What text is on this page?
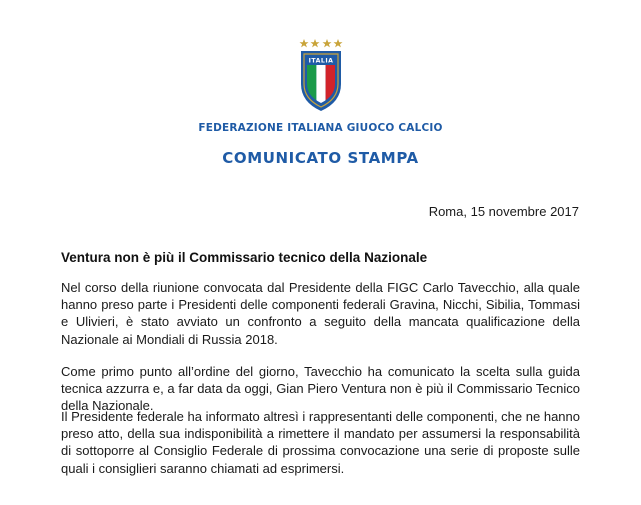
ITALIA
FEDERAZIONE ITALIANA GIUOCO CALCIO
COMUNICATO STAMPA
Roma, 15 novembre 2017
Ventura non è più il Commissario tecnico della Nazionale

Nel corso della riunione convocata dal Presidente della FIGC Carlo Tavecchio, alla quale hanno preso parte i Presidenti delle componenti federali Gravina, Nicchi, Sibilia, Tommasi e Ulivieri, è stato avviato un confronto a seguito della mancata qualificazione della Nazionale ai Mondiali di Russia 2018.

Come primo punto all’ordine del giorno, Tavecchio ha comunicato la scelta sulla guida tecnica azzurra e, a far data da oggi, Gian Piero Ventura non è più il Commissario Tecnico della Nazionale.

Il Presidente federale ha informato altresì i rappresentanti delle componenti, che ne hanno preso atto, della sua indisponibilità a rimettere il mandato per assumersi la responsabilità di sottoporre al Consiglio Federale di prossima convocazione una serie di proposte sulle quali i consiglieri saranno chiamati ad esprimersi.
